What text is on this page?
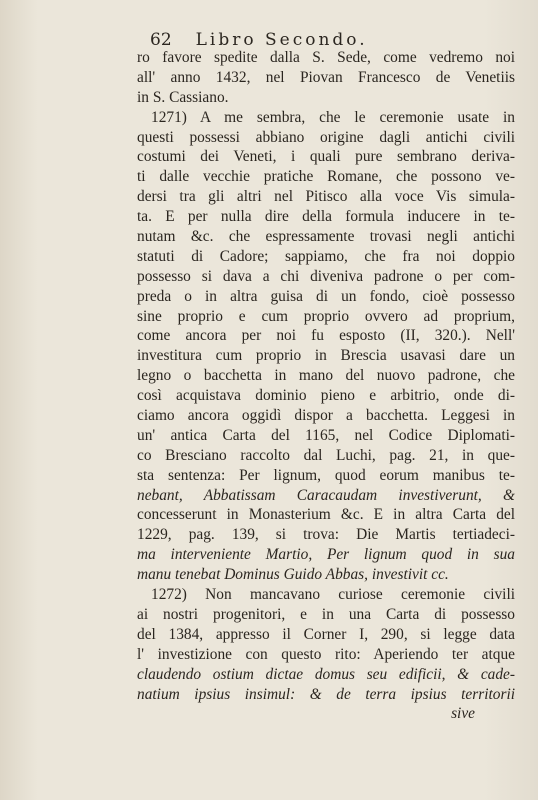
62 Libro Secondo.
ro favore spedite dalla S. Sede, come vedremo noi
all' anno 1432, nel Piovan Francesco de Venetiis
in S. Cassiano.
1271) A me sembra, che le ceremonie usate in
questi possessi abbiano origine dagli antichi civili
costumi dei Veneti, i quali pure sembrano deriva-
ti dalle vecchie pratiche Romane, che possono ve-
dersi tra gli altri nel Pitisco alla voce Vis simula-
ta. E per nulla dire della formula inducere in te-
nutam &c. che espressamente trovasi negli antichi
statuti di Cadore; sappiamo, che fra noi doppio
possesso si dava a chi diveniva padrone o per com-
preda o in altra guisa di un fondo, cioè possesso
sine proprio e cum proprio ovvero ad proprium,
come ancora per noi fu esposto (II, 320.). Nell'
investitura cum proprio in Brescia usavasi dare un
legno o bacchetta in mano del nuovo padrone, che
così acquistava dominio pieno e arbitrio, onde di-
ciamo ancora oggidì dispor a bacchetta. Leggesi in
un' antica Carta del 1165, nel Codice Diplomati-
co Bresciano raccolto dal Luchi, pag. 21, in que-
sta sentenza: Per lignum, quod eorum manibus te-
nebant, Abbatissam Caracaudam investiverunt, &
concesserunt in Monasterium &c. E in altra Carta del
1229, pag. 139, si trova: Die Martis tertiadeci-
ma interveniente Martio, Per lignum quod in sua
manu tenebat Dominus Guido Abbas, investivit cc.
1272) Non mancavano curiose ceremonie civili
ai nostri progenitori, e in una Carta di possesso
del 1384, appresso il Corner I, 290, si legge data
l' investizione con questo rito: Aperiendo ter atque
claudendo ostium dictae domus seu edificii, & cade-
natium ipsius insimul: & de terra ipsius territorii
sive
